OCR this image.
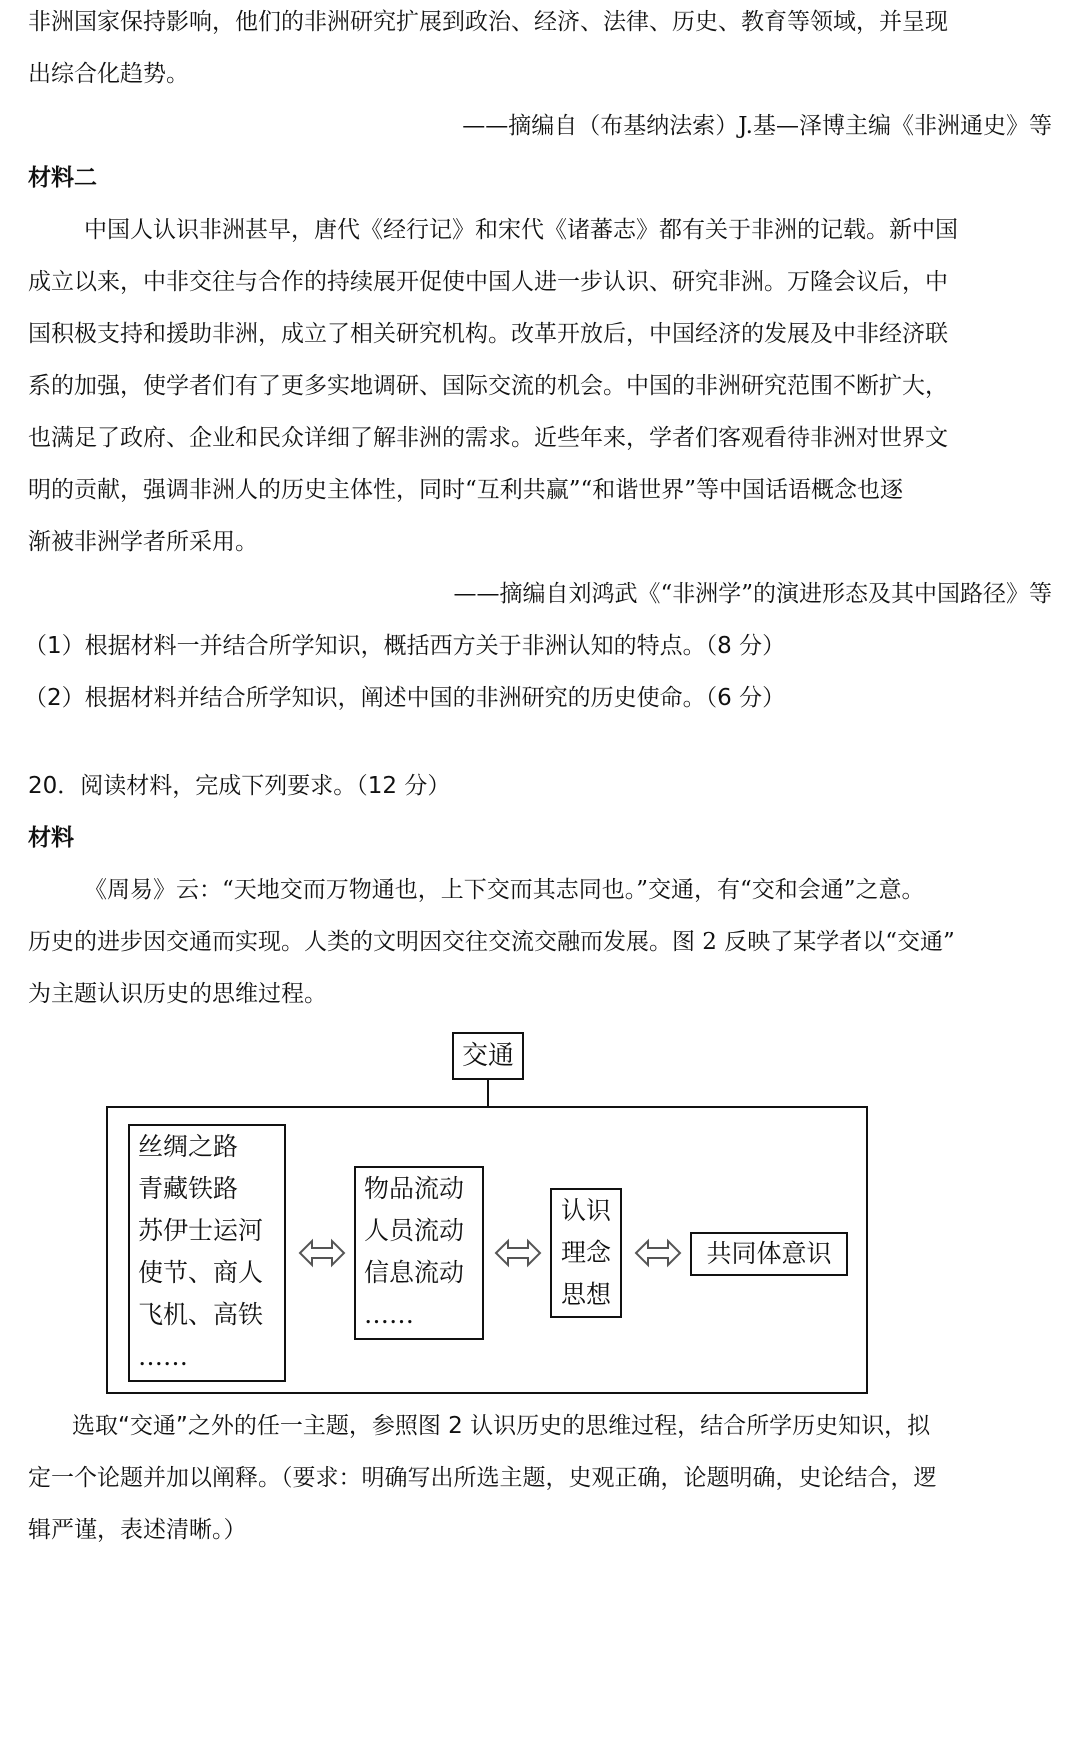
非洲国家保持影响，他们的非洲研究扩展到政治、经济、法律、历史、教育等领域，并呈现
出综合化趋势。
——摘编自（布基纳法索）J.基—泽博主编《非洲通史》等
材料二
中国人认识非洲甚早，唐代《经行记》和宋代《诸蕃志》都有关于非洲的记载。新中国
成立以来，中非交往与合作的持续展开促使中国人进一步认识、研究非洲。万隆会议后，中
国积极支持和援助非洲，成立了相关研究机构。改革开放后，中国经济的发展及中非经济联
系的加强，使学者们有了更多实地调研、国际交流的机会。中国的非洲研究范围不断扩大，
也满足了政府、企业和民众详细了解非洲的需求。近些年来，学者们客观看待非洲对世界文
明的贡献，强调非洲人的历史主体性，同时“互利共赢”“和谐世界”等中国话语概念也逐
渐被非洲学者所采用。
——摘编自刘鸿武《“非洲学”的演进形态及其中国路径》等
（1）根据材料一并结合所学知识，概括西方关于非洲认知的特点。（8 分）
（2）根据材料并结合所学知识，阐述中国的非洲研究的历史使命。（6 分）
20．阅读材料，完成下列要求。（12 分）
材料
《周易》云：“天地交而万物通也，上下交而其志同也。”交通，有“交和会通”之意。
历史的进步因交通而实现。人类的文明因交往交流交融而发展。图 2 反映了某学者以“交通”
为主题认识历史的思维过程。
交通
丝绸之路
青藏铁路
苏伊士运河
使节、商人
飞机、高铁
……
物品流动
人员流动
信息流动
……
认识
理念
思想
共同体意识
选取“交通”之外的任一主题，参照图 2 认识历史的思维过程，结合所学历史知识，拟
定一个论题并加以阐释。（要求：明确写出所选主题，史观正确，论题明确，史论结合，逻
辑严谨，表述清晰。）
